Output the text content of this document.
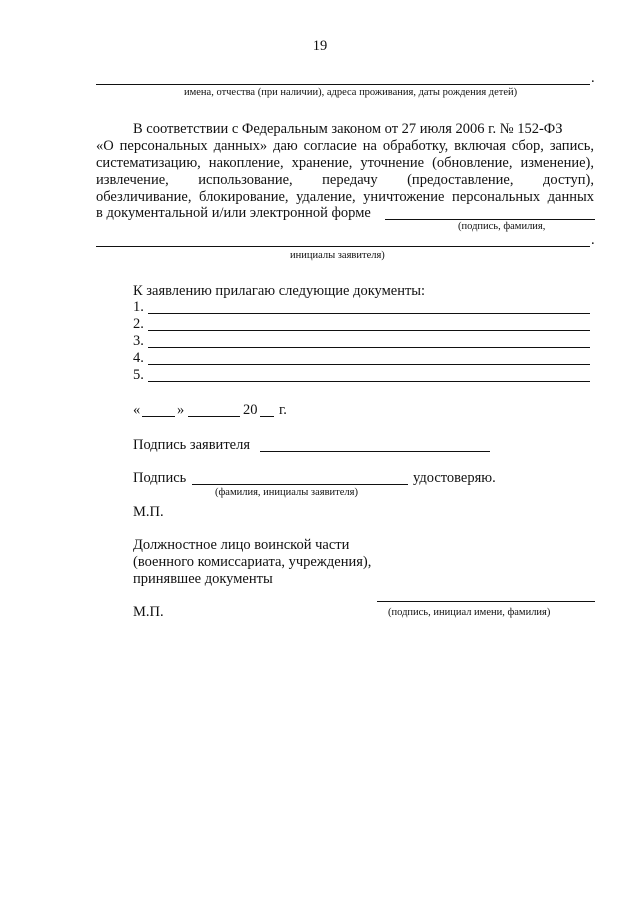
19
.
имена, отчества (при наличии), адреса проживания, даты рождения детей)
В соответствии с Федеральным законом от 27 июля 2006 г. № 152-ФЗ
«О персональных данных» даю согласие на обработку, включая сбор, запись,
систематизацию, накопление, хранение, уточнение (обновление, изменение),
извлечение, использование, передачу (предоставление, доступ),
обезличивание, блокирование, удаление, уничтожение персональных данных
в документальной и/или электронной форме
(подпись, фамилия,
.
инициалы заявителя)
К заявлению прилагаю следующие документы:
1.
2.
3.
4.
5.
«	»	20 г.
Подпись заявителя
Подпись	удостоверяю.
(фамилия, инициалы заявителя)
М.П.
Должностное лицо воинской части
(военного комиссариата, учреждения),
принявшее документы
М.П.	(подпись, инициал имени, фамилия)
